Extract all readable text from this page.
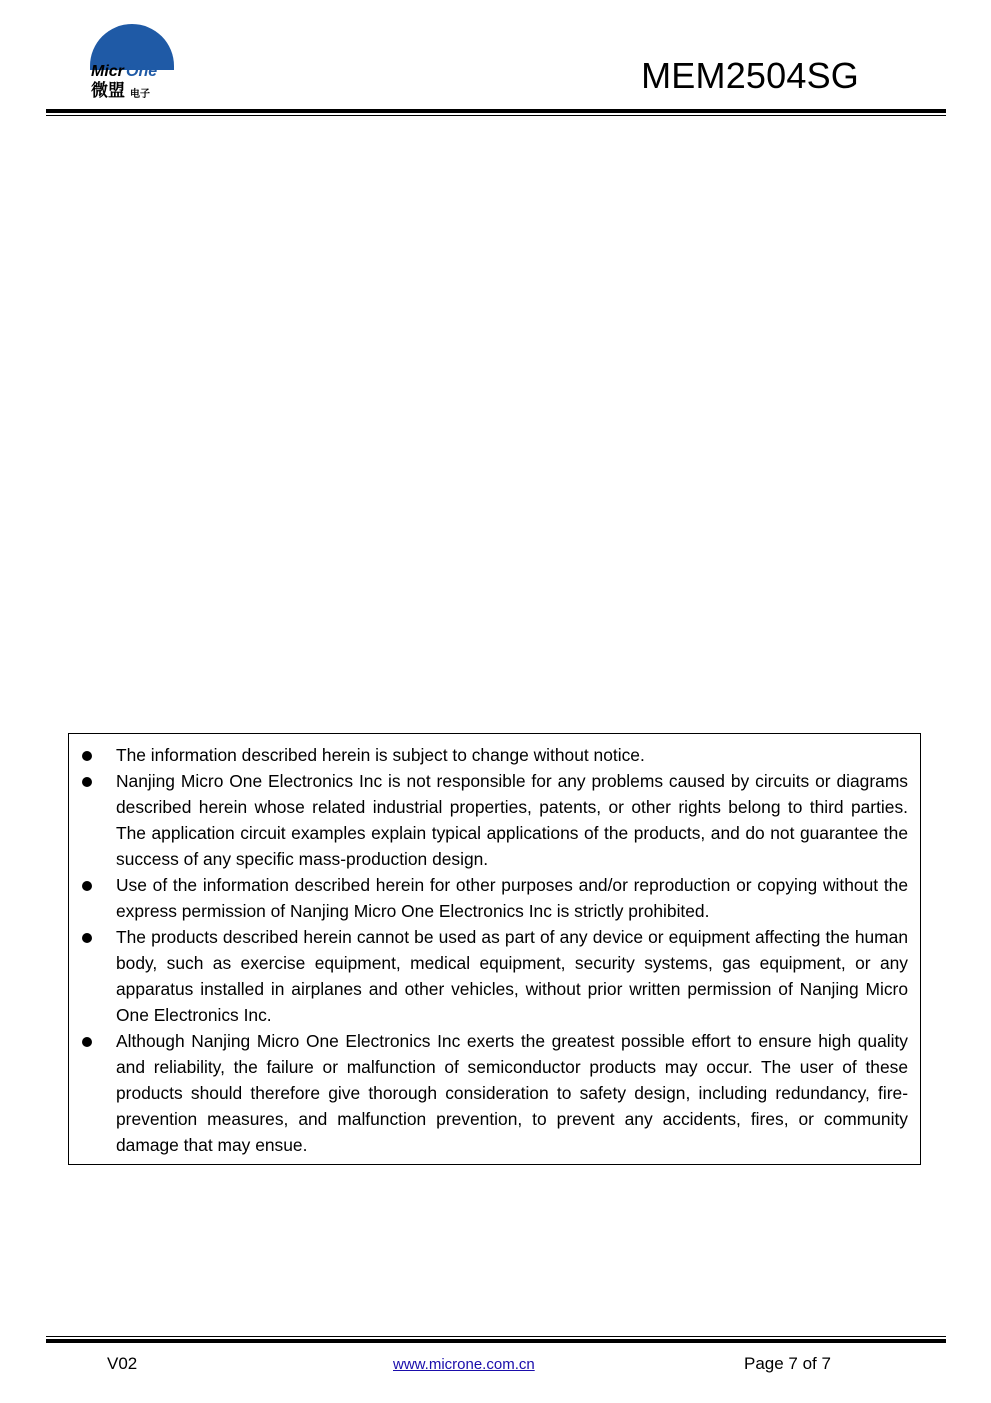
Micr One
微盟 电子	MEM2504SG
The information described herein is subject to change without notice.
Nanjing Micro One Electronics Inc is not responsible for any problems caused by circuits or diagrams described herein whose related industrial properties, patents, or other rights belong to third parties. The application circuit examples explain typical applications of the products, and do not guarantee the success of any specific mass-production design.
Use of the information described herein for other purposes and/or reproduction or copying without the express permission of Nanjing Micro One Electronics Inc is strictly prohibited.
The products described herein cannot be used as part of any device or equipment affecting the human body, such as exercise equipment, medical equipment, security systems, gas equipment, or any apparatus installed in airplanes and other vehicles, without prior written permission of Nanjing Micro One Electronics Inc.
Although Nanjing Micro One Electronics Inc exerts the greatest possible effort to ensure high quality and reliability, the failure or malfunction of semiconductor products may occur. The user of these products should therefore give thorough consideration to safety design, including redundancy, fire-prevention measures, and malfunction prevention, to prevent any accidents, fires, or community damage that may ensue.
V02	www.microne.com.cn	Page 7 of 7
